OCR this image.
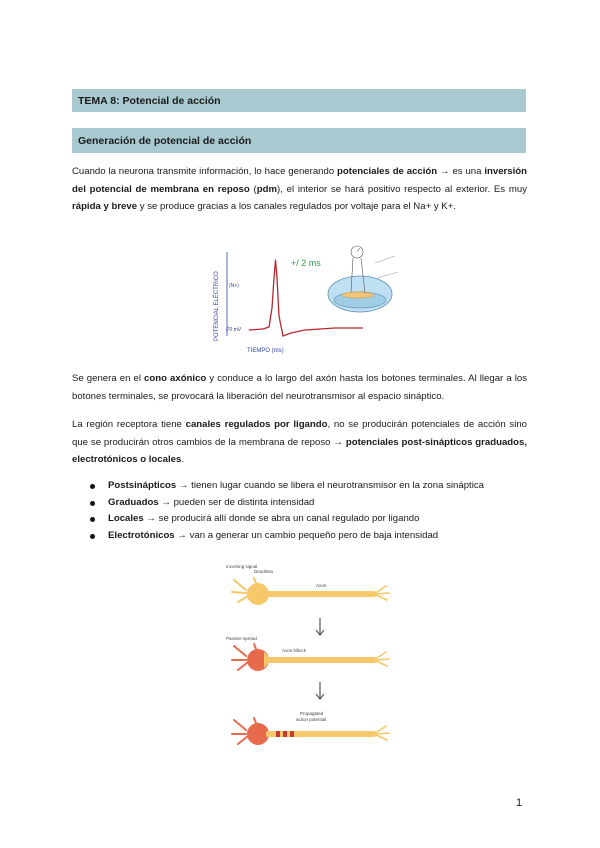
TEMA 8: Potencial de acción
Generación de potencial de acción

Cuando la neurona transmite información, lo hace generando potenciales de acción → es una inversión del potencial de membrana en reposo (pdm), el interior se hará positivo respecto al exterior. Es muy rápida y breve y se produce gracias a los canales regulados por voltaje para el Na+ y K+.

POTENCIAL ELÉCTRICO (N+)
-70 mV
+/ 2 ms
TIEMPO (ms)

Se genera en el cono axónico y conduce a lo largo del axón hasta los botones terminales. Al llegar a los botones terminales, se provocará la liberación del neurotransmisor al espacio sináptico.

La región receptora tiene canales regulados por ligando, no se producirán potenciales de acción sino que se producirán otros cambios de la membrana de reposo → potenciales post-sinápticos graduados, electrotónicos o locales.

Postsinápticos → tienen lugar cuando se libera el neurotransmisor en la zona sináptica
Graduados → pueden ser de distinta intensidad
Locales → se producirá allí donde se abra un canal regulado por ligando
Electrotónicos → van a generar un cambio pequeño pero de baja intensidad
Incoming signal
Dendrites
Axon
Passive spread
Axon hillock
Propagated
action potential
1
